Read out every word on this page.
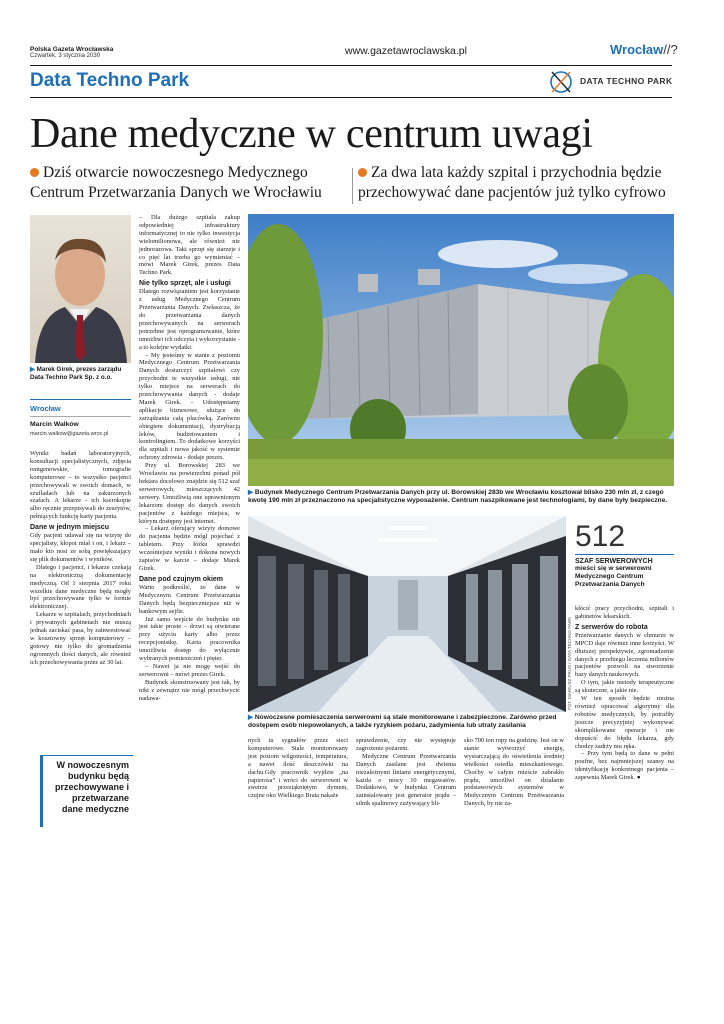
Polska Gazeta Wrocławska
Czwartek, 3 stycznia 2030	www.gazetawroclawska.pl	Wrocław//?
Data Techno Park	DATA TECHNO PARK
Dane medyczne w centrum uwagi
Dziś otwarcie nowoczesnego Medycznego Centrum Przetwarzania Danych we Wrocławiu
Za dwa lata każdy szpital i przychodnia będzie przechowywać dane pacjentów już tylko cyfrowo
▶ Marek Girek, prezes zarządu Data Techno Park Sp. z o.o.
Wrocław
Marcin Walków
marcin.walkow@gazeta.wroc.pl

Wyniki badań laboratoryjnych, konsultacji specjalistycznych, zdjęcia rentgenowskie, tomografie komputerowe – to wszystko pacjenci przechowywali w swoich domach, w szufladach lub na zakurzonych szafach. A lekarze - ich kserokopie albo ręcznie przepisywali do zeszytów, pełniących funkcję karty pacjenta.

Dane w jednym miejscu

Gdy pacjent udawał się na wizytę do specjalisty, kłopot miał i on, i lekarz – mało kto nosi ze sobą powiększający się plik dokumentów i wyników.

Dlatego i pacjenci, i lekarze czekają na elektroniczną dokumentację medyczną. Od 1 sierpnia 2017 roku wszelkie dane medyczne będą mogły być przechowywane tylko w formie elektronicznej.

Lekarze w szpitalach, przychodniach i prywatnych gabinetach nie muszą jednak zaciskać pasa, by zainwestować w kosztowny sprzęt komputerowy – gotowy nie tylko do gromadzenia ogromnych ilości danych, ale również ich przechowywania przez aż 30 lat.

W nowoczesnym budynku będą przechowywane i przetwarzane dane medyczne

– Dla dużego szpitala zakup odpowiedniej infrastruktury informatycznej to nie tylko inwestycja wielomilionowa, ale również nie jednorazowa. Taki sprzęt się starzeje i co pięć lat trzeba go wymieniać – mówi Marek Girek, prezes Data Techno Park.

Nie tylko sprzęt, ale i usługi

Dlatego rozwiązaniem jest korzystanie z usług Medycznego Centrum Przetwarzania Danych. Zwłaszcza, że do przetwarzania danych przechowywanych na serwerach potrzebne jest oprogramowanie, które umożliwi ich odczyta i wykorzystanie - a to kolejne wydatki.

– My jesteśmy w stanie z poziomu Medycznego Centrum Przetwarzania Danych dostarczyć szpitalowi czy przychodni te wszystkie usługi, nie tylko miejsce na serwerach do przechowywania danych - dodaje Marek Girek. - Udostępniamy aplikacje biznesowe, służące do zarządzania całą placówką. Zarówno obiegiem dokumentacji, dystrybucją leków, budżetowaniem i kontrolingiem. To dodatkowe korzyści dla szpitali i nowa jakość w systemie ochrony zdrowia - dodaje prezes.

Przy ul. Borowskiej 283 we Wrocławiu na powierzchni ponad pół hektara docelowo znajdzie się 512 szaf serwerowych, mieszczących 42 serwery. Umożliwią one uprawnionym lekarzom dostęp do danych swoich pacjentów z każdego miejsca, w którym dostępny jest internet.

– Lekarz oferujący wizyty domowe do pacjenta będzie mógł pojechać z tabletem. Przy łóżku sprawdzi wcześniejsze wyniki i dokona nowych zapisów w karcie – dodaje Marek Girek.

Dane pod czujnym okiem

Warto podkreślić, że dane w Medycznym Centrum Przetwarzania Danych będą bezpieczniejsze niż w bankowym sejfie.

Już samo wejście do budynku nie jest takie proste – drzwi są otwierane przy użyciu karty albo przez recepcjonistkę. Karta pracownika umożliwia dostęp do wyłącznie wybranych pomieszczeń i pięter.

– Nawet ja nie mogę wejść do serwerowni – mówi prezes Girek.

Budynek skonstruowany jest tak, by nikt z zewnątrz nie mógł przechwycić nadawa-

▶ Budynek Medycznego Centrum Przetwarzania Danych przy ul. Borowskiej 283b we Wrocławiu kosztował blisko 230 mln zł, z czego kwotę 190 mln zł przeznaczono na specjalistyczne wyposażenie. Centrum naszpikowane jest technologiami, by dane były bezpieczne.
FOT. MARIUSZ PRUS / DATA TECHNO PARK
▶ Nowoczesne pomieszczenia serwerowni są stale monitorowane i zabezpieczone. Zarówno przed dostępem osób niepowołanych, a także ryzykiem pożaru, zadymienia lub utraty zasilania
512
SZAF SERWEROWYCH
mieści się w serwerowni Medycznego Centrum Przetwarzania Danych

kłócić pracy przychodni, szpitali i gabinetów lekarskich.

Z serwerów do robota

Przetwarzanie danych w chmurze w MPCD daje również inne korzyści. W dłuższej perspektywie, zgromadzenie danych z przebiegu leczenia milionów pacjentów pozwoli na stworzenie bazy danych naukowych.

O tym, jakie metody terapeutyczne są skuteczne, a jakie nie.

W ten sposób będzie można również opracować algorytmy dla robotów medycznych, by potrafiły jeszcze precyzyjniej wykonywać skomplikowane operacje i nie dopuścić do błędu lekarza, gdy chodzy zadrży mu ręka.

– Przy tym będą to dane w pełni poufne, bez najmniejszej szansy na identyfikację konkretnego pacjenta – zapewnia Marek Girek. ●

nych tu sygnałów przez sieci komputerowe. Stale monitorowany jest poziom wilgotności, temperatura, a nawet ilość deszczówki na dachu.Gdy pracownik wyjdzie „na papierosa” i wróci do serwerowni w swetrze przesiąkniętym dymem, czujne oko Wielkiego Brata nakaże

sprawdzenie, czy nie występuje zagrożenie pożarem.

Medyczne Centrum Przetwarzania Danych zasilane jest dwiema niezależnymi liniami energetycznymi, każda o mocy 10 megawatów. Dodatkowo, w budynku Centrum zainstalowany jest generator prądu – silnik spalinowy zużywający bli-

sko 700 ton ropy na godzinę. Jest on w stanie wytworzyć energię, wystarczającą do oświetlenia średniej wielkości osiedla mieszkaniowego. Choćby w całym mieście zabrakło prądu, umożliwi on działanie podstawowych systemów w Medycznym Centrum Przetwarzania Danych, by nie za-
